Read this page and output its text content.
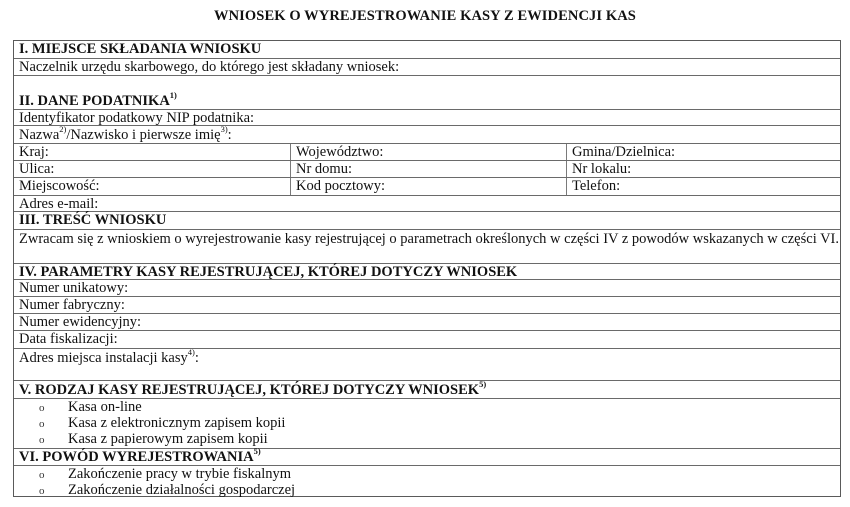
WNIOSEK O WYREJESTROWANIE KASY Z EWIDENCJI KAS
I. MIEJSCE SKŁADANIA WNIOSKU
Naczelnik urzędu skarbowego, do którego jest składany wniosek:
II. DANE PODATNIKA$^{1)}$
Identyfikator podatkowy NIP podatnika:
Nazwa$^{2)}$/Nazwisko i pierwsze imię$^{3)}$:
Kraj:	Województwo:	Gmina/Dzielnica:
Ulica:	Nr domu:	Nr lokalu:
Miejscowość:	Kod pocztowy:	Telefon:
Adres e-mail:
III. TREŚĆ WNIOSKU
Zwracam się z wnioskiem o wyrejestrowanie kasy rejestrującej o parametrach określonych w części IV z powodów wskazanych w części VI.
IV. PARAMETRY KASY REJESTRUJĄCEJ, KTÓREJ DOTYCZY WNIOSEK
Numer unikatowy:
Numer fabryczny:
Numer ewidencyjny:
Data fiskalizacji:
Adres miejsca instalacji kasy$^{4)}$:
V. RODZAJ KASY REJESTRUJĄCEJ, KTÓREJ DOTYCZY WNIOSEK$^{5)}$
o Kasa on-line
o Kasa z elektronicznym zapisem kopii
o Kasa z papierowym zapisem kopii
VI. POWÓD WYREJESTROWANIA$^{5)}$
o Zakończenie pracy w trybie fiskalnym
o Zakończenie działalności gospodarczej
